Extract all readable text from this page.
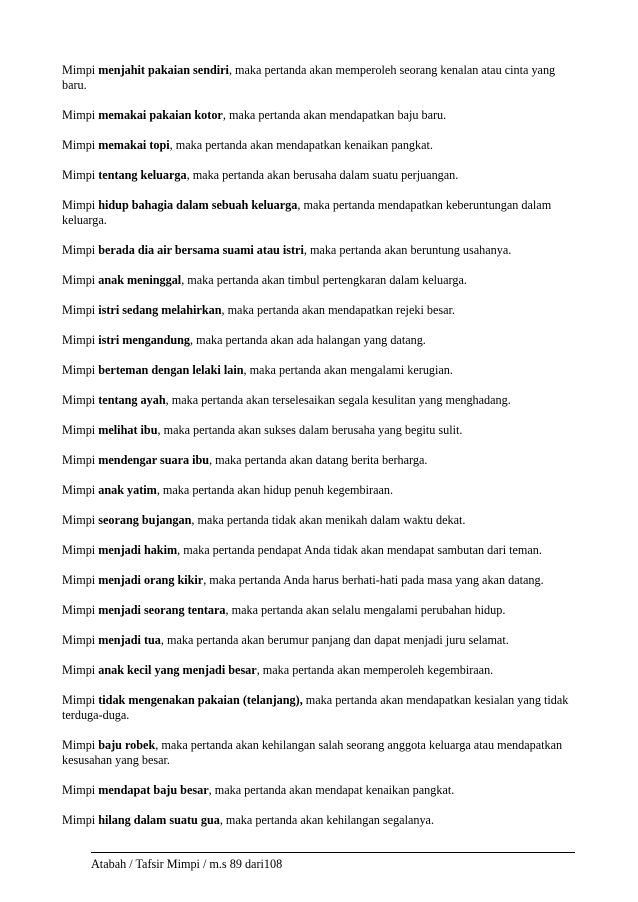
Mimpi menjahit pakaian sendiri, maka pertanda akan memperoleh seorang kenalan atau cinta yang baru.

Mimpi memakai pakaian kotor, maka pertanda akan mendapatkan baju baru.

Mimpi memakai topi, maka pertanda akan mendapatkan kenaikan pangkat.

Mimpi tentang keluarga, maka pertanda akan berusaha dalam suatu perjuangan.

Mimpi hidup bahagia dalam sebuah keluarga, maka pertanda mendapatkan keberuntungan dalam keluarga.

Mimpi berada dia air bersama suami atau istri, maka pertanda akan beruntung usahanya.

Mimpi anak meninggal, maka pertanda akan timbul pertengkaran dalam keluarga.

Mimpi istri sedang melahirkan, maka pertanda akan mendapatkan rejeki besar.

Mimpi istri mengandung, maka pertanda akan ada halangan yang datang.

Mimpi berteman dengan lelaki lain, maka pertanda akan mengalami kerugian.

Mimpi tentang ayah, maka pertanda akan terselesaikan segala kesulitan yang menghadang.

Mimpi melihat ibu, maka pertanda akan sukses dalam berusaha yang begitu sulit.

Mimpi mendengar suara ibu, maka pertanda akan datang berita berharga.

Mimpi anak yatim, maka pertanda akan hidup penuh kegembiraan.

Mimpi seorang bujangan, maka pertanda tidak akan menikah dalam waktu dekat.

Mimpi menjadi hakim, maka pertanda pendapat Anda tidak akan mendapat sambutan dari teman.

Mimpi menjadi orang kikir, maka pertanda Anda harus berhati-hati pada masa yang akan datang.

Mimpi menjadi seorang tentara, maka pertanda akan selalu mengalami perubahan hidup.

Mimpi menjadi tua, maka pertanda akan berumur panjang dan dapat menjadi juru selamat.

Mimpi anak kecil yang menjadi besar, maka pertanda akan memperoleh kegembiraan.

Mimpi tidak mengenakan pakaian (telanjang), maka pertanda akan mendapatkan kesialan yang tidak terduga-duga.

Mimpi baju robek, maka pertanda akan kehilangan salah seorang anggota keluarga atau mendapatkan kesusahan yang besar.

Mimpi mendapat baju besar, maka pertanda akan mendapat kenaikan pangkat.

Mimpi hilang dalam suatu gua, maka pertanda akan kehilangan segalanya.

Atabah / Tafsir Mimpi / m.s 89 dari108
